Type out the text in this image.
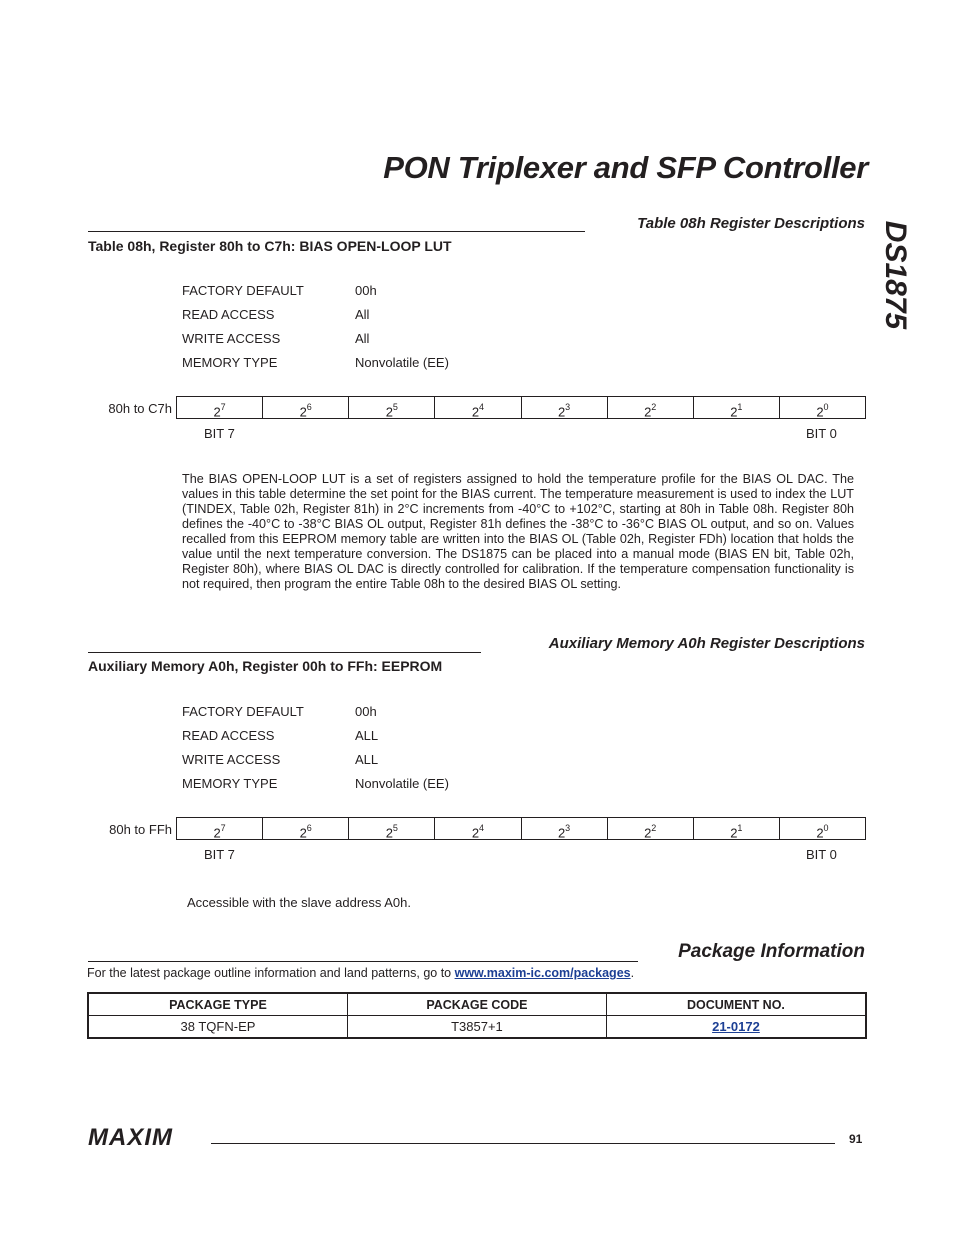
PON Triplexer and SFP Controller
DS1875
Table 08h Register Descriptions
Table 08h, Register 80h to C7h: BIAS OPEN-LOOP LUT
FACTORY DEFAULT	00h
READ ACCESS	All
WRITE ACCESS	All
MEMORY TYPE	Nonvolatile (EE)
80h to C7h	$2^7$	$2^6$	$2^5$	$2^4$	$2^3$	$2^2$	$2^1$	$2^0$
BIT 7	BIT 0

The BIAS OPEN-LOOP LUT is a set of registers assigned to hold the temperature profile for the BIAS OL DAC. The values in this table determine the set point for the BIAS current. The temperature measurement is used to index the LUT (TINDEX, Table 02h, Register 81h) in 2°C increments from -40°C to +102°C, starting at 80h in Table 08h. Register 80h defines the -40°C to -38°C BIAS OL output, Register 81h defines the -38°C to -36°C BIAS OL output, and so on. Values recalled from this EEPROM memory table are written into the BIAS OL (Table 02h, Register FDh) location that holds the value until the next temperature conversion. The DS1875 can be placed into a manual mode (BIAS EN bit, Table 02h, Register 80h), where BIAS OL DAC is directly controlled for calibration. If the temperature compensation functionality is not required, then program the entire Table 08h to the desired BIAS OL setting.

Auxiliary Memory A0h Register Descriptions
Auxiliary Memory A0h, Register 00h to FFh: EEPROM
FACTORY DEFAULT	00h
READ ACCESS	ALL
WRITE ACCESS	ALL
MEMORY TYPE	Nonvolatile (EE)
80h to FFh	$2^7$	$2^6$	$2^5$	$2^4$	$2^3$	$2^2$	$2^1$	$2^0$
BIT 7	BIT 0
Accessible with the slave address A0h.
Package Information
For the latest package outline information and land patterns, go to www.maxim-ic.com/packages.
PACKAGE TYPE	PACKAGE CODE	DOCUMENT NO.
38 TQFN-EP	T3857+1	21-0172
MAXIM	91
